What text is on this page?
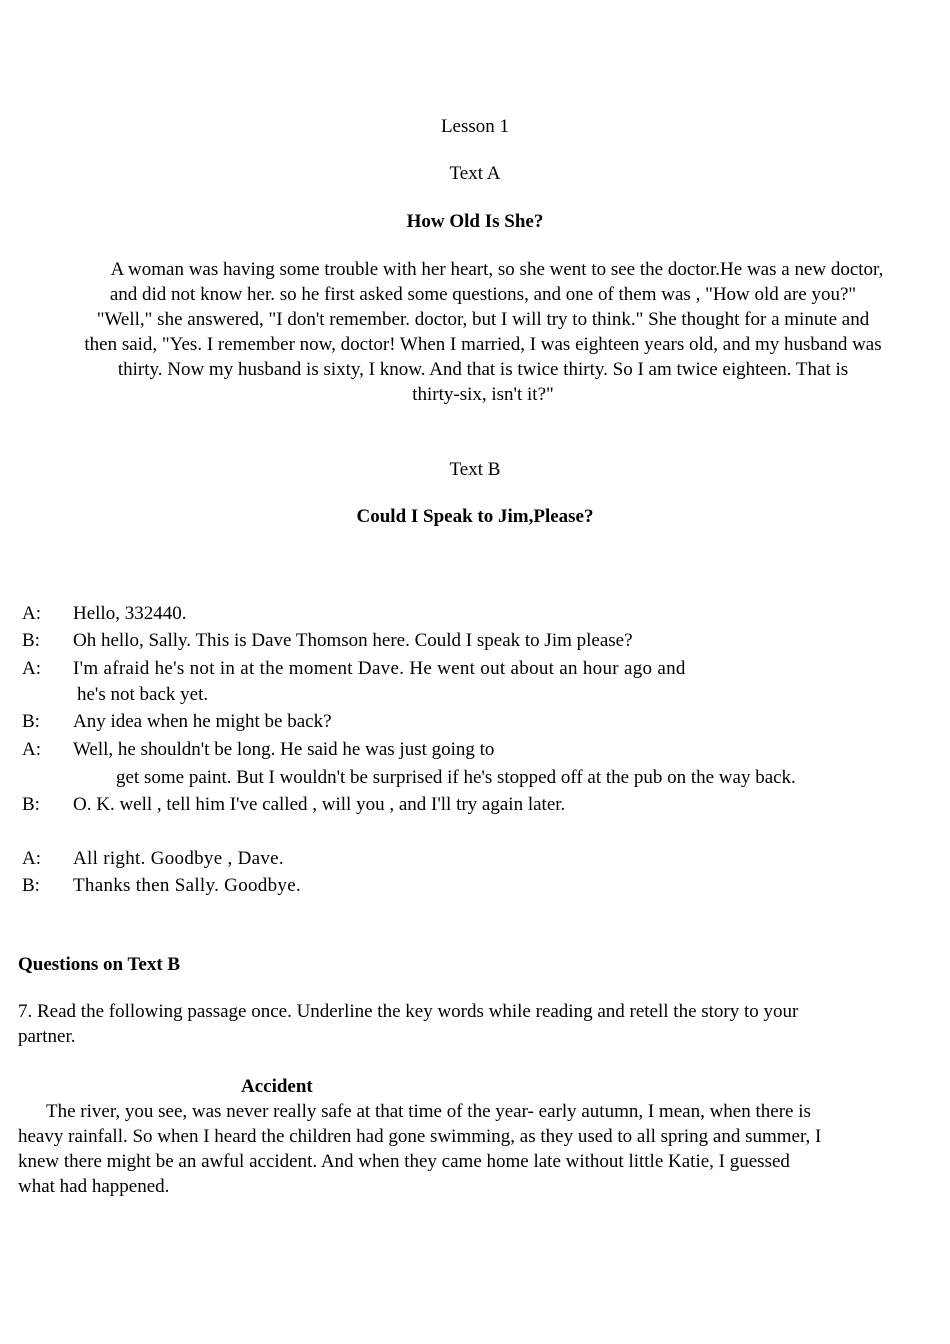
Lesson 1
Text A
How Old Is She?
A woman was having some trouble with her heart, so she went to see the doctor.He was a new doctor,
and did not know her. so he first asked some questions, and one of them was , "How old are you?"
"Well," she answered, "I don't remember. doctor, but I will try to think." She thought for a minute and
then said, "Yes. I remember now, doctor! When I married, I was eighteen years old, and my husband was
thirty. Now my husband is sixty, I know. And that is twice thirty. So I am twice eighteen. That is
thirty-six, isn't it?"
Text B
Could I Speak to Jim,Please?
A: Hello, 332440.
B: Oh hello, Sally. This is Dave Thomson here. Could I speak to Jim please?
A: I'm afraid he's not in at the moment Dave. He went out about an hour ago and
he's not back yet.
B: Any idea when he might be back?
A: Well, he shouldn't be long. He said he was just going to
get some paint. But I wouldn't be surprised if he's stopped off at the pub on the way back.
B: O. K. well , tell him I've called , will you , and I'll try again later.
A: All right. Goodbye , Dave.
B: Thanks then Sally. Goodbye.
Questions on Text B
7. Read the following passage once. Underline the key words while reading and retell the story to your
partner.
Accident
The river, you see, was never really safe at that time of the year- early autumn, I mean, when there is
heavy rainfall. So when I heard the children had gone swimming, as they used to all spring and summer, I
knew there might be an awful accident. And when they came home late without little Katie, I guessed
what had happened.
